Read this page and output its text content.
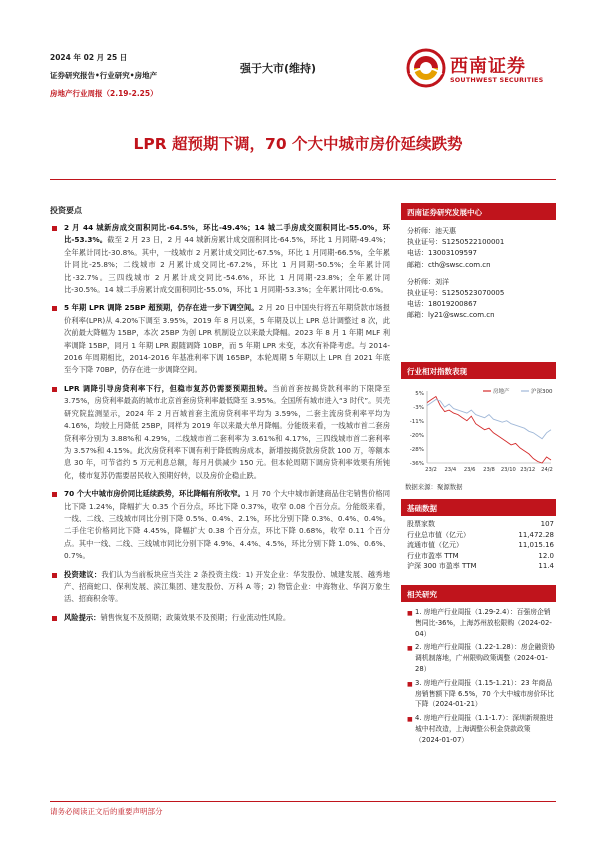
2024 年 02 月 25 日
证券研究报告•行业研究•房地产
房地产行业周报（2.19-2.25）
强于大市(维持)	西南证券
SOUTHWEST SECURITIES
LPR 超预期下调，70 个大中城市房价延续跌势
投资要点
2 月 44 城新房成交面积同比-64.5%，环比-49.4%；14 城二手房成交面积同比-55.0%，环比-53.3%。截至 2 月 23 日，2 月 44 城新房累计成交面积同比-64.5%，环比 1 月同期-49.4%；全年累计同比-30.8%。其中，一线城市 2 月累计成交同比-67.5%，环比 1 月同期-66.5%，全年累计同比-25.8%；二线城市 2 月累计成交同比-67.2%，环比 1 月同期-50.5%；全年累计同比-32.7%。三四线城市 2 月累计成交同比-54.6%，环比 1 月同期-23.8%；全年累计同比-30.5%。14 城二手房累计成交面积同比-55.0%，环比 1 月同期-53.3%；全年累计同比-0.6%。
5 年期 LPR 调降 25BP 超预期，仍存在进一步下调空间。2 月 20 日中国央行将五年期贷款市场报价利率(LPR)从 4.20%下调至 3.95%，2019 年 8 月以来，5 年期及以上 LPR 总计调整过 8 次，此次前最大降幅为 15BP，本次 25BP 为创 LPR 机制设立以来最大降幅。2023 年 8 月 1 年期 MLF 利率调降 15BP，同月 1 年期 LPR 跟随调降 10BP，而 5 年期 LPR 未变，本次有补降考虑。与 2014-2016 年周期相比，2014-2016 年基准利率下调 165BP，本轮周期 5 年期以上 LPR 自 2021 年底至今下降 70BP，仍存在进一步调降空间。
LPR 调降引导房贷利率下行，但稳市复苏仍需要预期扭转。当前首套按揭贷款利率的下限降至 3.75%，房贷利率最高的城市北京首套房贷利率最低降至 3.95%。全国所有城市进入“3 时代”。贝壳研究院监测显示，2024 年 2 月百城首套主流房贷利率平均为 3.59%，二套主流房贷利率平均为 4.16%，均较上月降低 25BP，同样为 2019 年以来最大单月降幅。分能级来看，一线城市首二套房贷利率分别为 3.88%和 4.29%，二线城市首二套利率为 3.61%和 4.17%，三四线城市首二套利率为 3.57%和 4.15%。此次房贷利率下调有利于降低购房成本，新增按揭贷款房贷款 100 万，等额本息 30 年，可节省约 5 万元利息总额，每月月供减少 150 元。但本轮周期下调房贷利率效果有所钝化，楼市复苏仍需要居民收入预期好转，以及房价企稳止跌。
70 个大中城市房价同比延续跌势，环比降幅有所收窄。1 月 70 个大中城市新建商品住宅销售价格同比下降 1.24%，降幅扩大 0.35 个百分点，环比下降 0.37%，收窄 0.08 个百分点。分能级来看，一线、二线、三线城市同比分别下降 0.5%、0.4%、2.1%，环比分别下降 0.3%、0.4%、0.4%。二手住宅价格同比下降 4.45%，降幅扩大 0.38 个百分点，环比下降 0.68%，收窄 0.11 个百分点。其中一线、二线、三线城市同比分别下降 4.9%、4.4%、4.5%，环比分别下降 1.0%、0.6%、0.7%。
投资建议：我们认为当前板块应当关注 2 条投资主线：1) 开发企业：华发股份、城建发展、越秀地产、招商蛇口、保利发展、滨江集团、建发股份、万科 A 等；2) 物管企业：中海物业、华润万象生活、招商积余等。
风险提示：销售恢复不及预期；政策效果不及预期；行业流动性风险。
西南证券研究发展中心
分析师：池天惠
执业证号：S1250522100001
电话：13003109597
邮箱：cth@swsc.com.cn
分析师：刘洋
执业证号：S1250523070005
电话：18019200867
邮箱：ly21@swsc.com.cn
行业相对指数表现
5%
-3%
-11%
-20%
-28%
-36%
23/2 23/4 23/6 23/8 23/10 23/12 24/2
房地产	沪深300
数据来源：聚源数据
基础数据
股票家数	107
行业总市值（亿元）	11,472.28
流通市值（亿元）	11,015.16
行业市盈率 TTM	12.0
沪深 300 市盈率 TTM	11.4
相关研究
■ 1. 房地产行业周报（1.29-2.4）：百强房企销售同比-36%，上海苏州放松限购（2024-02-04）
■ 2. 房地产行业周报（1.22-1.28）：房企融资协调机制落地，广州限购政策调整（2024-01-28）
■ 3. 房地产行业周报（1.15-1.21）：23 年商品房销售额下降 6.5%，70 个大中城市房价环比下降（2024-01-21）
■ 4. 房地产行业周报（1.1-1.7）：深圳新规推进城中村改造，上海调整公积金贷款政策（2024-01-07）
请务必阅读正文后的重要声明部分
